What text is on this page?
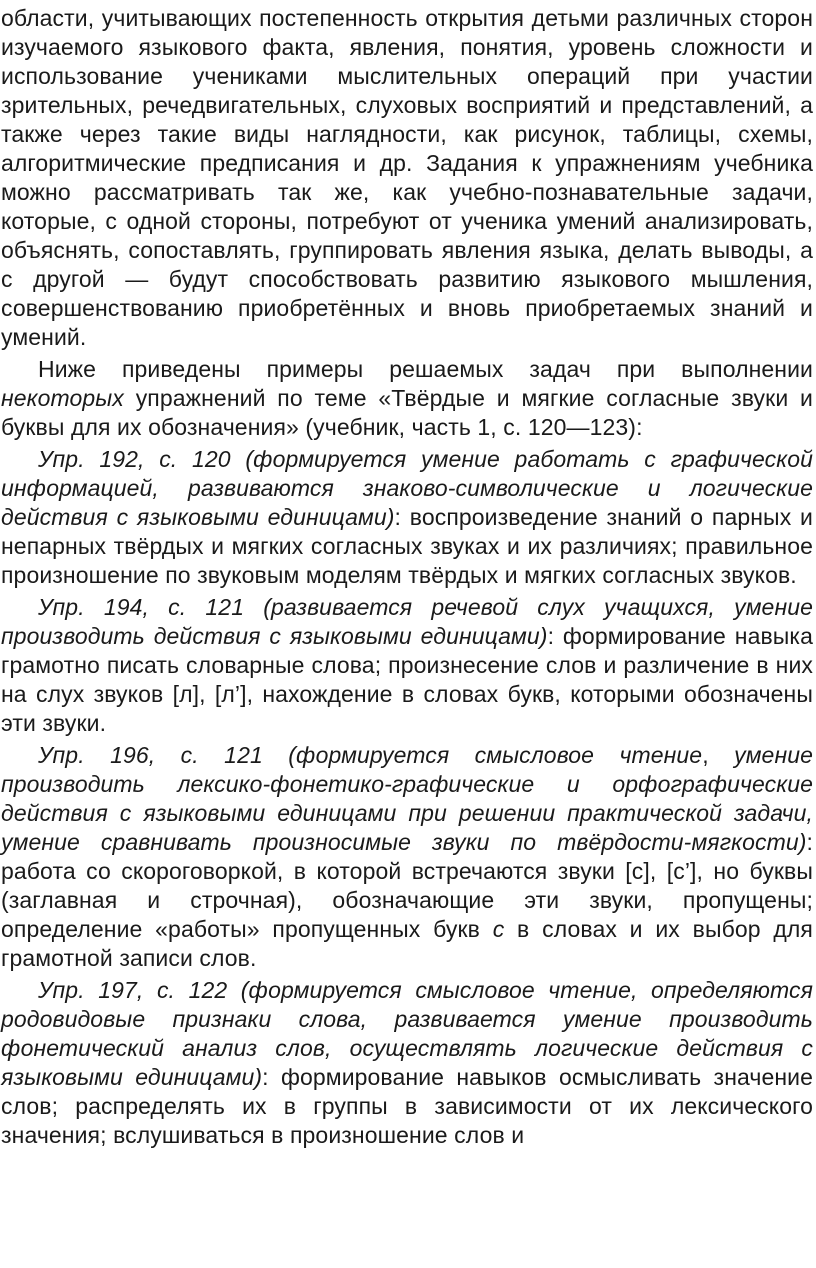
области, учитывающих постепенность открытия детьми различных сторон изучаемого языкового факта, явления, понятия, уровень сложности и использование учениками мыслительных операций при участии зрительных, речедвигательных, слуховых восприятий и представлений, а также через такие виды наглядности, как рисунок, таблицы, схемы, алгоритмические предписания и др. Задания к упражнениям учебника можно рассматривать так же, как учебно-познавательные задачи, которые, с одной стороны, потребуют от ученика умений анализировать, объяснять, сопоставлять, группировать явления языка, делать выводы, а с другой — будут способствовать развитию языкового мышления, совершенствованию приобретённых и вновь приобретаемых знаний и умений.

Ниже приведены примеры решаемых задач при выполнении некоторых упражнений по теме «Твёрдые и мягкие согласные звуки и буквы для их обозначения» (учебник, часть 1, с. 120—123):

Упр. 192, с. 120 (формируется умение работать с графической информацией, развиваются знаково-символические и логические действия с языковыми единицами): воспроизведение знаний о парных и непарных твёрдых и мягких согласных звуках и их различиях; правильное произношение по звуковым моделям твёрдых и мягких согласных звуков.

Упр. 194, с. 121 (развивается речевой слух учащихся, умение производить действия с языковыми единицами): формирование навыка грамотно писать словарные слова; произнесение слов и различение в них на слух звуков [л], [л’], нахождение в словах букв, которыми обозначены эти звуки.

Упр. 196, с. 121 (формируется смысловое чтение, умение производить лексико-фонетико-графические и орфографические действия с языковыми единицами при решении практической задачи, умение сравнивать произносимые звуки по твёрдости-мягкости): работа со скороговоркой, в которой встречаются звуки [с], [с’], но буквы (заглавная и строчная), обозначающие эти звуки, пропущены; определение «работы» пропущенных букв с в словах и их выбор для грамотной записи слов.

Упр. 197, с. 122 (формируется смысловое чтение, определяются родовидовые признаки слова, развивается умение производить фонетический анализ слов, осуществлять логические действия с языковыми единицами): формирование навыков осмысливать значение слов; распределять их в группы в зависимости от их лексического значения; вслушиваться в произношение слов и
